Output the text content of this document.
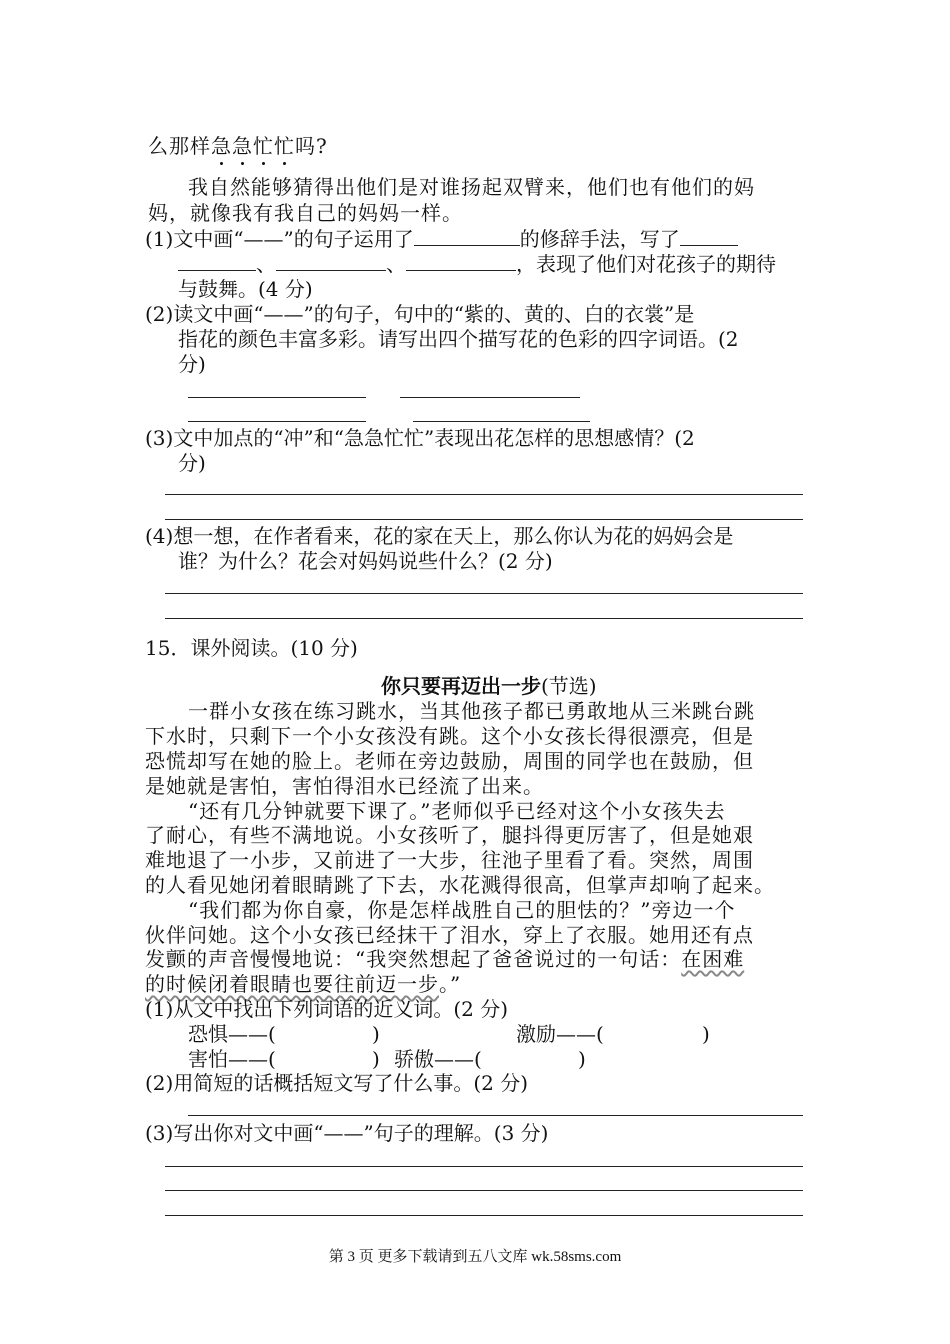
么那样急急忙忙吗?
我自然能够猜得出他们是对谁扬起双臂来，他们也有他们的妈
妈，就像我有我自己的妈妈一样。
(1)文中画“——”的句子运用了	的修辞手法，写了
、	、	，表现了他们对花孩子的期待
与鼓舞。(4 分)
(2)读文中画“——”的句子，句中的“紫的、黄的、白的衣裳”是
指花的颜色丰富多彩。请写出四个描写花的色彩的四字词语。(2
分)
(3)文中加点的“冲”和“急急忙忙”表现出花怎样的思想感情？(2
分)
(4)想一想，在作者看来，花的家在天上，那么你认为花的妈妈会是
谁？为什么？花会对妈妈说些什么？(2 分)
15．课外阅读。(10 分)
你只要再迈出一步(节选)
一群小女孩在练习跳水，当其他孩子都已勇敢地从三米跳台跳
下水时，只剩下一个小女孩没有跳。这个小女孩长得很漂亮，但是
恐慌却写在她的脸上。老师在旁边鼓励，周围的同学也在鼓励，但
是她就是害怕，害怕得泪水已经流了出来。
“还有几分钟就要下课了。”老师似乎已经对这个小女孩失去
了耐心，有些不满地说。小女孩听了，腿抖得更厉害了，但是她艰
难地退了一小步，又前进了一大步，往池子里看了看。突然，周围
的人看见她闭着眼睛跳了下去，水花溅得很高，但掌声却响了起来。
“我们都为你自豪，你是怎样战胜自己的胆怯的？”旁边一个
伙伴问她。这个小女孩已经抹干了泪水，穿上了衣服。她用还有点
发颤的声音慢慢地说：“我突然想起了爸爸说过的一句话：在困难
的时候闭着眼睛也要往前迈一步。”
(1)从文中找出下列词语的近义词。(2 分)
恐惧——(	)	激励——(	)
害怕——(	) 骄傲——(	)
(2)用简短的话概括短文写了什么事。(2 分)
(3)写出你对文中画“——”句子的理解。(3 分)
第 3 页 更多下载请到五八文库 wk.58sms.com
